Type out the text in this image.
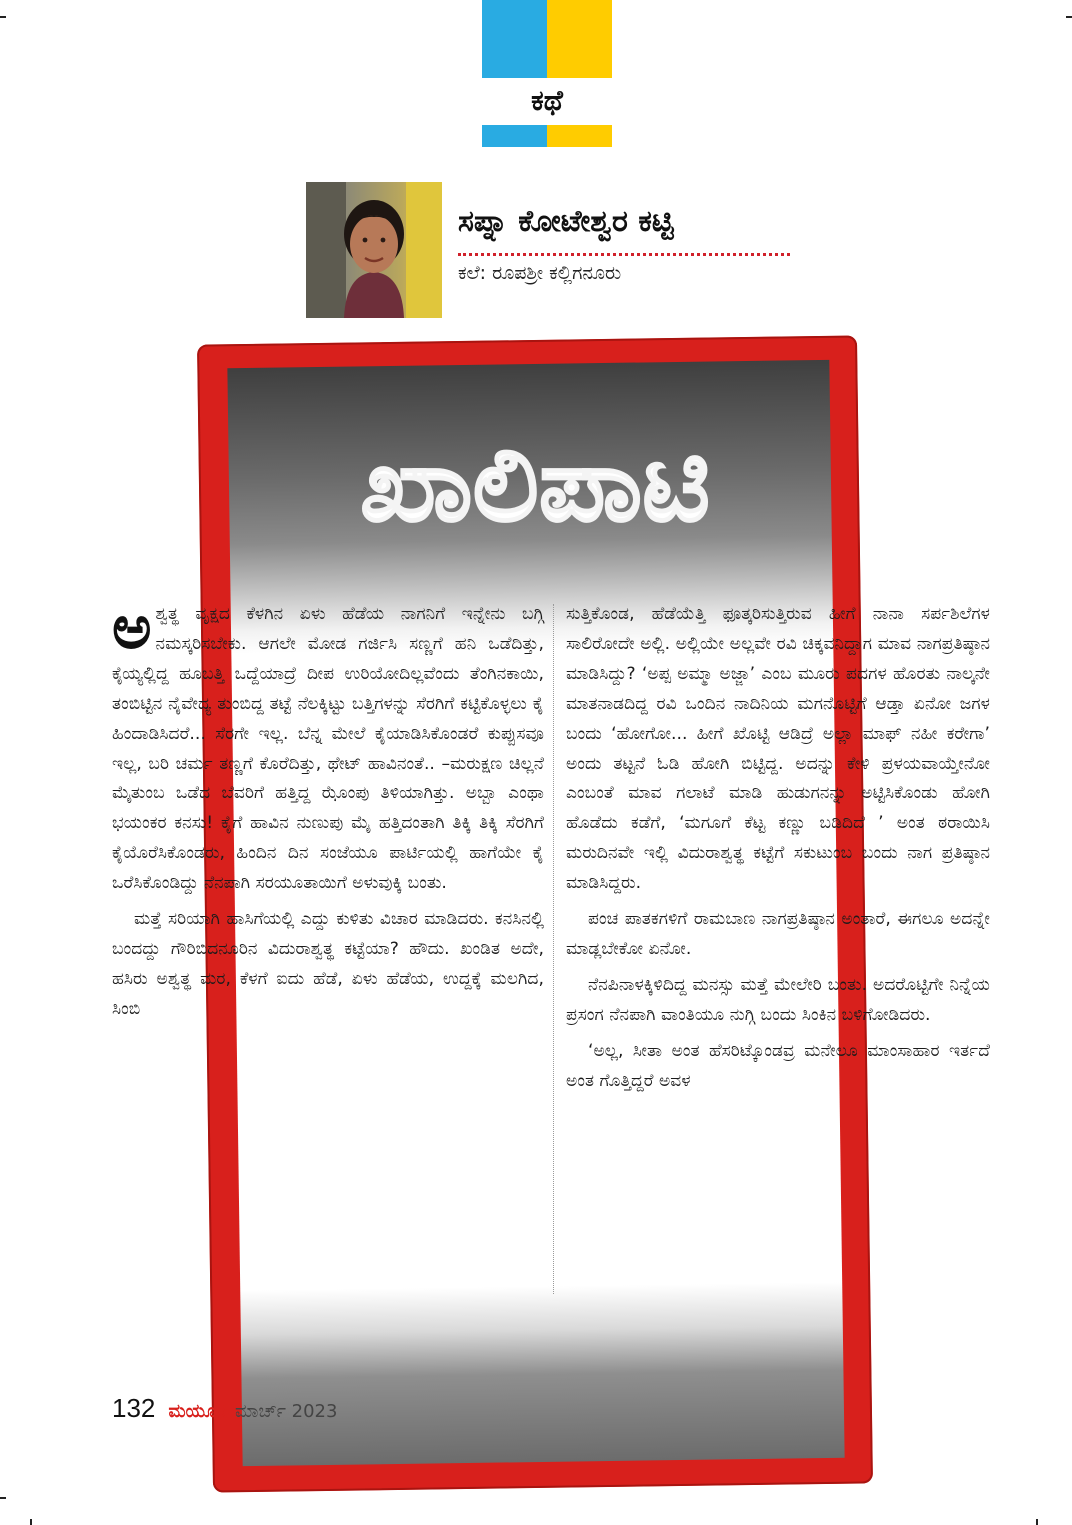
ಕಥೆ
ಸಪ್ನಾ ಕೋಟೇಶ್ವರ ಕಟ್ಟಿ
ಕಲೆ: ರೂಪಶ್ರೀ ಕಲ್ಲಿಗನೂರು
ಖಾಲಿಪಾಟಿ

ಅ ಶ್ವತ್ಥ ವೃಕ್ಷದ ಕೆಳಗಿನ ಏಳು ಹೆಡೆಯ ನಾಗನಿಗೆ ಇನ್ನೇನು ಬಗ್ಗಿ ನಮಸ್ಕರಿಸಬೇಕು. ಆಗಲೇ ಮೋಡ ಗರ್ಜಿಸಿ ಸಣ್ಣಗೆ ಹನಿ ಒಡೆದಿತ್ತು, ಕೈಯ್ಯಲ್ಲಿದ್ದ ಹೂಬತ್ತಿ ಒದ್ದೆಯಾದ್ರೆ ದೀಪ ಉರಿಯೋದಿಲ್ಲವೆಂದು ತೆಂಗಿನಕಾಯಿ, ತಂಬಿಟ್ಟಿನ ನೈವೇದ್ಯ ತುಂಬಿದ್ದ ತಟ್ಟೆ ನೆಲಕ್ಕಿಟ್ಟು ಬತ್ತಿಗಳನ್ನು ಸೆರಗಿಗೆ ಕಟ್ಟಿಕೊಳ್ಳಲು ಕೈ ಹಿಂದಾಡಿಸಿದರೆ... ಸೆರಗೇ ಇಲ್ಲ. ಬೆನ್ನ ಮೇಲೆ ಕೈಯಾಡಿಸಿಕೊಂಡರೆ ಕುಪ್ಪುಸವೂ ಇಲ್ಲ, ಬರಿ ಚರ್ಮ ತಣ್ಣಗೆ ಕೊರೆದಿತ್ತು, ಥೇಟ್ ಹಾವಿನಂತೆ.. –ಮರುಕ್ಷಣ ಚಿಲ್ಲನೆ ಮೈತುಂಬ ಒಡೆದ ಬೆವರಿಗೆ ಹತ್ತಿದ್ದ ಝೊಂಪು ತಿಳಿಯಾಗಿತ್ತು. ಅಬ್ಬಾ ಎಂಥಾ ಭಯಂಕರ ಕನಸು! ಕೈಗೆ ಹಾವಿನ ನುಣುಪು ಮೈ ಹತ್ತಿದಂತಾಗಿ ತಿಕ್ಕಿ ತಿಕ್ಕಿ ಸೆರಗಿಗೆ ಕೈಯೊರೆಸಿಕೊಂಡರು, ಹಿಂದಿನ ದಿನ ಸಂಜೆಯೂ ಪಾರ್ಟಿಯಲ್ಲಿ ಹಾಗೆಯೇ ಕೈ ಒರೆಸಿಕೊಂಡಿದ್ದು ನೆನಪಾಗಿ ಸರಯೂತಾಯಿಗೆ ಅಳುವುಕ್ಕಿ ಬಂತು.

ಮತ್ತೆ ಸರಿಯಾಗಿ ಹಾಸಿಗೆಯಲ್ಲಿ ಎದ್ದು ಕುಳಿತು ವಿಚಾರ ಮಾಡಿದರು. ಕನಸಿನಲ್ಲಿ ಬಂದದ್ದು ಗೌರಿಬಿದನೂರಿನ ವಿದುರಾಶ್ವತ್ಥ ಕಟ್ಟೆಯಾ? ಹೌದು. ಖಂಡಿತ ಅದೇ, ಹಸಿರು ಅಶ್ವತ್ಥ ಮರ, ಕೆಳಗೆ ಐದು ಹೆಡೆ, ಏಳು ಹೆಡೆಯ, ಉದ್ದಕ್ಕೆ ಮಲಗಿದ, ಸಿಂಬಿ

ಸುತ್ತಿಕೊಂಡ, ಹೆಡೆಯೆತ್ತಿ ಫೂತ್ಕರಿಸುತ್ತಿರುವ ಹೀಗೆ ನಾನಾ ಸರ್ಪಶಿಲೆಗಳ ಸಾಲಿರೋದೇ ಅಲ್ಲಿ. ಅಲ್ಲಿಯೇ ಅಲ್ಲವೇ ರವಿ ಚಿಕ್ಕವನಿದ್ದಾಗ ಮಾವ ನಾಗಪ್ರತಿಷ್ಠಾನ ಮಾಡಿಸಿದ್ದು? ‘ಅಪ್ಪ ಅಮ್ಮಾ ಅಜ್ಜಾ’ ಎಂಬ ಮೂರು ಪದಗಳ ಹೊರತು ನಾಲ್ಕನೇ ಮಾತನಾಡದಿದ್ದ ರವಿ ಒಂದಿನ ನಾದಿನಿಯ ಮಗನೊಟ್ಟಿಗೆ ಆಡ್ತಾ ಏನೋ ಜಗಳ ಬಂದು ‘ಹೋಗೋ... ಹೀಗೆ ಖೊಟ್ಟಿ ಆಡಿದ್ರೆ ಅಲ್ಲಾ ಮಾಫ್ ನಹೀ ಕರೇಗಾ’ ಅಂದು ತಟ್ಟನೆ ಓಡಿ ಹೋಗಿ ಬಿಟ್ಟಿದ್ದ. ಅದನ್ನು ಕೇಳಿ ಪ್ರಳಯವಾಯ್ತೇನೋ ಎಂಬಂತೆ ಮಾವ ಗಲಾಟೆ ಮಾಡಿ ಹುಡುಗನನ್ನು ಅಟ್ಟಿಸಿಕೊಂಡು ಹೋಗಿ ಹೊಡೆದು ಕಡೆಗೆ, ‘ಮಗೂಗೆ ಕೆಟ್ಟ ಕಣ್ಣು ಬಡಿದಿದೆ ’ ಅಂತ ಠರಾಯಿಸಿ ಮರುದಿನವೇ ಇಲ್ಲಿ ವಿದುರಾಶ್ವತ್ಥ ಕಟ್ಟೆಗೆ ಸಕುಟುಂಬ ಬಂದು ನಾಗ ಪ್ರತಿಷ್ಠಾನ ಮಾಡಿಸಿದ್ದರು.

ಪಂಚ ಪಾತಕಗಳಿಗೆ ರಾಮಬಾಣ ನಾಗಪ್ರತಿಷ್ಠಾನ ಅಂತಾರೆ, ಈಗಲೂ ಅದನ್ನೇ ಮಾಡ್ಲಬೇಕೋ ಏನೋ.

ನೆನಪಿನಾಳಕ್ಕಿಳಿದಿದ್ದ ಮನಸ್ಸು ಮತ್ತೆ ಮೇಲೇರಿ ಬಂತು. ಅದರೊಟ್ಟಿಗೇ ನಿನ್ನೆಯ ಪ್ರಸಂಗ ನೆನಪಾಗಿ ವಾಂತಿಯೂ ನುಗ್ಗಿ ಬಂದು ಸಿಂಕಿನ ಬಳಿಗೋಡಿದರು.

‘ಅಲ್ಲ, ಸೀತಾ ಅಂತ ಹೆಸರಿಟ್ಕೊಂಡವ್ರ ಮನೇಲೂ ಮಾಂಸಾಹಾರ ಇರ್ತದೆ ಅಂತ ಗೊತ್ತಿದ್ದರೆ ಅವಳ

132 ಮಯೂರ ಮಾರ್ಚ್ 2023
